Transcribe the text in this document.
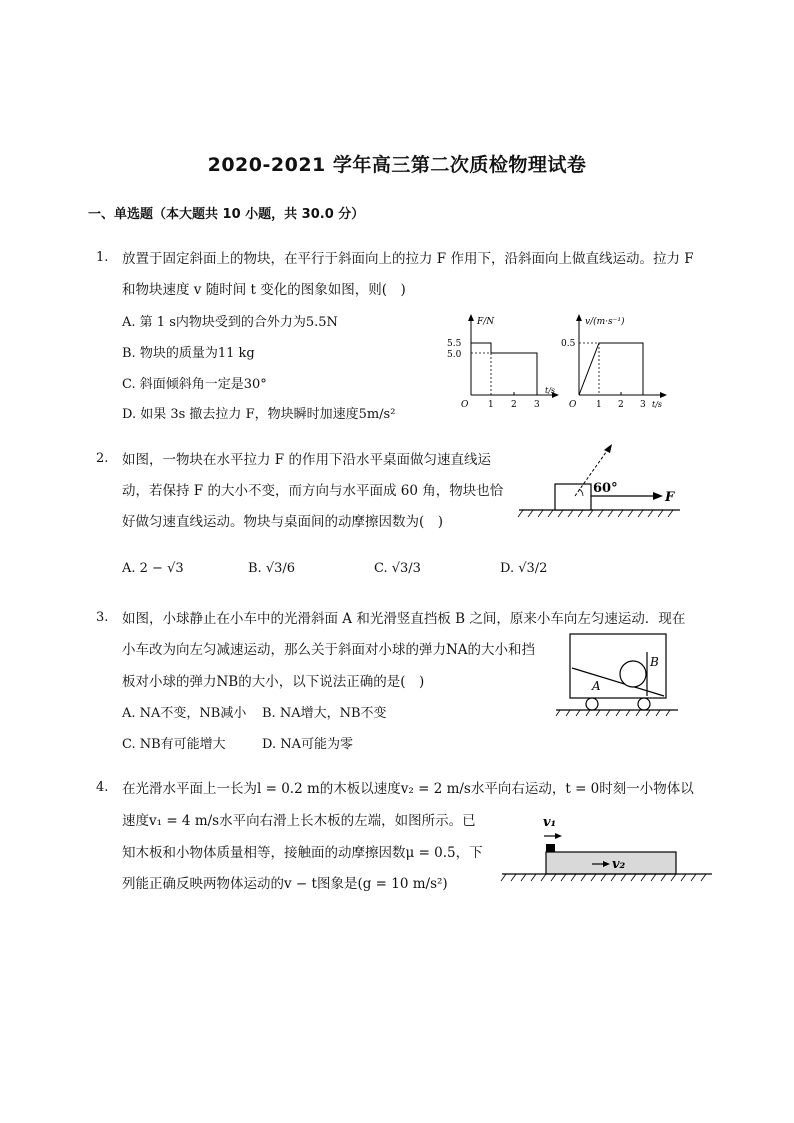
2020-2021 学年高三第二次质检物理试卷
一、单选题（本大题共 10 小题，共 30.0 分）
1. 放置于固定斜面上的物块，在平行于斜面向上的拉力 F 作用下，沿斜面向上做直线运动。拉力 F
和物块速度 v 随时间 t 变化的图象如图，则(　)
A. 第 1 s内物块受到的合外力为5.5N
B. 物块的质量为11 kg
C. 斜面倾斜角一定是30°
D. 如果 3s 撤去拉力 F，物块瞬时加速度5m/s²
F/N
5.5
5.0
1 2 3
t/s
O
v/(m·s⁻¹)
0.5
1 2 3 t/s
O
2. 如图，一物块在水平拉力 F 的作用下沿水平桌面做匀速直线运
动，若保持 F 的大小不变，而方向与水平面成 60 角，物块也恰
好做匀速直线运动。物块与桌面间的动摩擦因数为(　)
A. 2 − √3	B. √3/6	C. √3/3	D. √3/2
60°
F
3. 如图，小球静止在小车中的光滑斜面 A 和光滑竖直挡板 B 之间，原来小车向左匀速运动．现在
小车改为向左匀减速运动，那么关于斜面对小球的弹力NA的大小和挡
板对小球的弹力NB的大小，以下说法正确的是(　)
A. NA不变，NB减小 B. NA增大，NB不变
C. NB有可能增大	D. NA可能为零
B
A
4. 在光滑水平面上一长为l = 0.2 m的木板以速度v₂ = 2 m/s水平向右运动，t = 0时刻一小物体以
速度v₁ = 4 m/s水平向右滑上长木板的左端，如图所示。已
知木板和小物体质量相等，接触面的动摩擦因数μ = 0.5，下
列能正确反映两物体运动的v − t图象是(g = 10 m/s²)
v₁
v₂
